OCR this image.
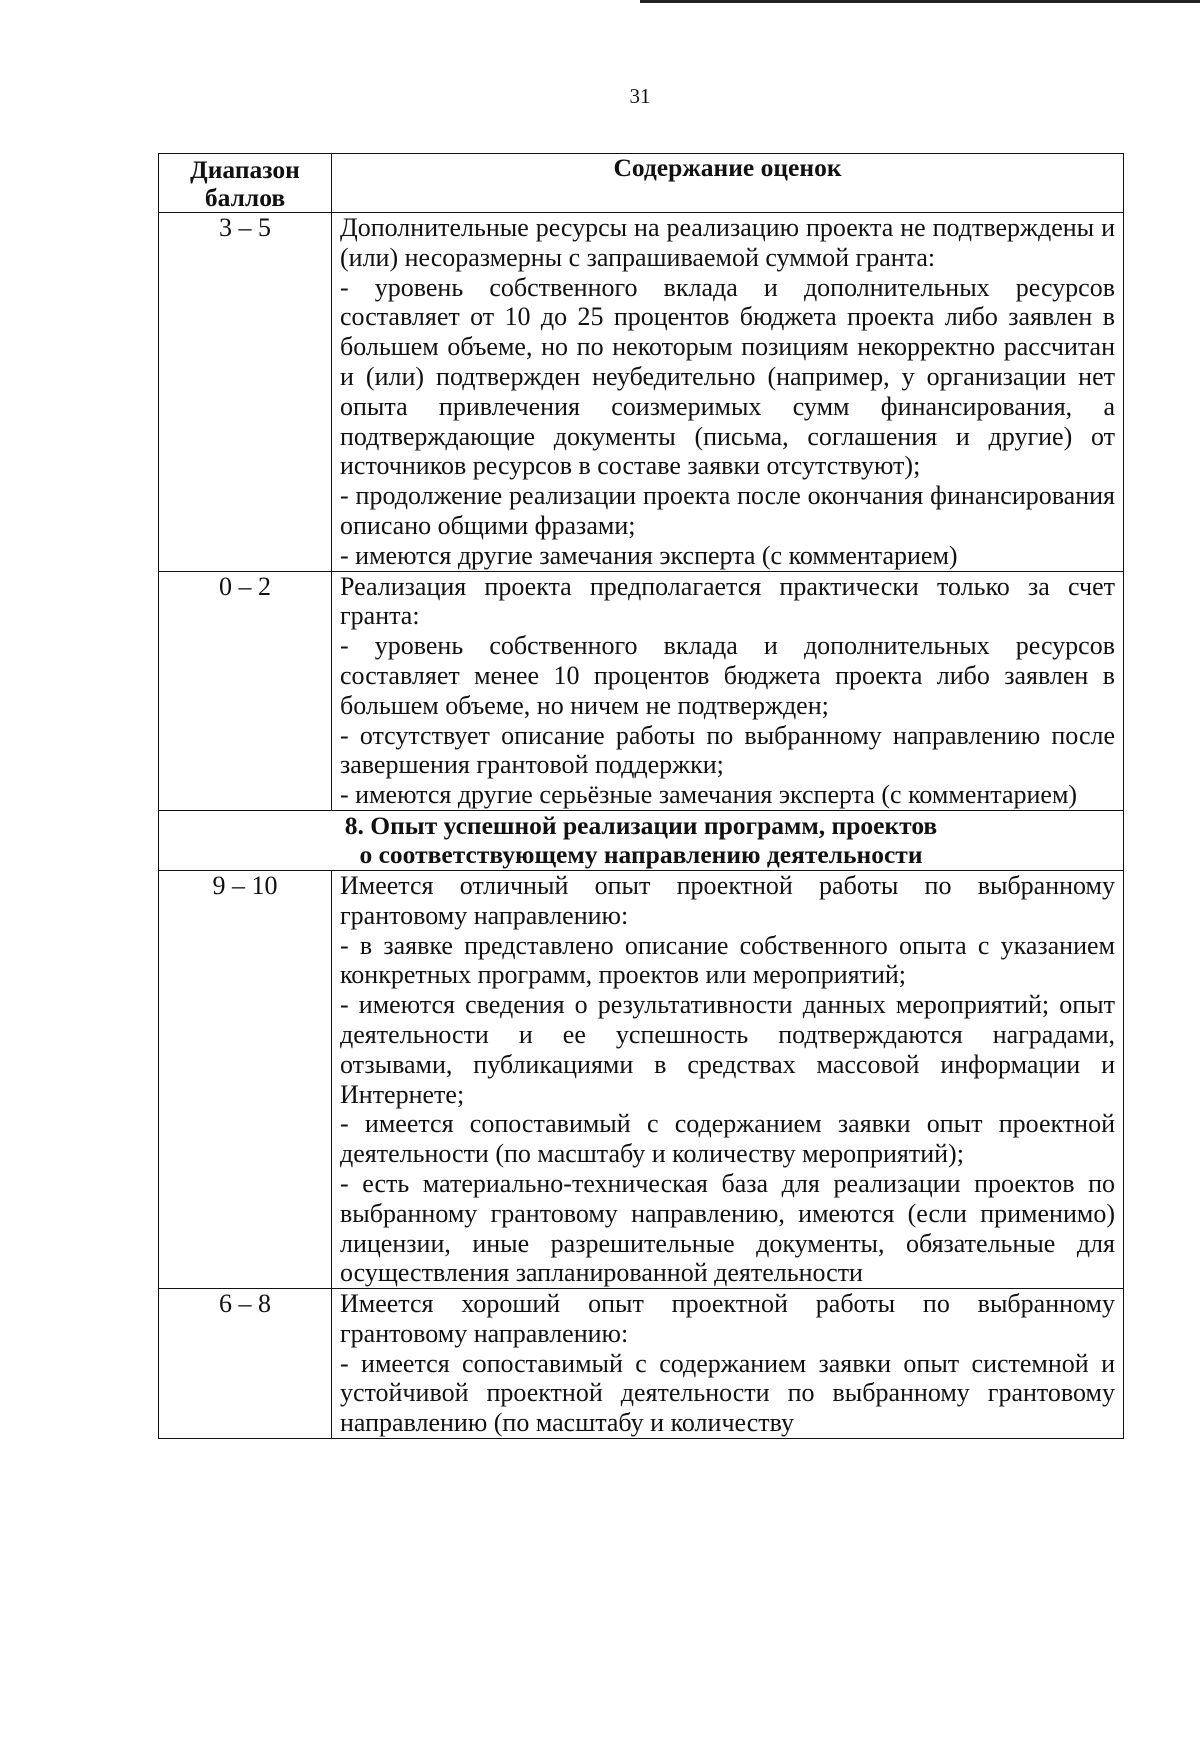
31
Диапазон
баллов	Содержание оценок
3 – 5	Дополнительные ресурсы на реализацию проекта не подтверждены и (или) несоразмерны с запрашиваемой суммой гранта:

- уровень собственного вклада и дополнительных ресурсов составляет от 10 до 25 процентов бюджета проекта либо заявлен в большем объеме, но по некоторым позициям некорректно рассчитан и (или) подтвержден неубедительно (например, у организации нет опыта привлечения соизмеримых сумм финансирования, а подтверждающие документы (письма, соглашения и другие) от источников ресурсов в составе заявки отсутствуют);

- продолжение реализации проекта после окончания финансирования описано общими фразами;

- имеются другие замечания эксперта (с комментарием)

0 – 2	Реализация проекта предполагается практически только за счет гранта:

- уровень собственного вклада и дополнительных ресурсов составляет менее 10 процентов бюджета проекта либо заявлен в большем объеме, но ничем не подтвержден;

- отсутствует описание работы по выбранному направлению после завершения грантовой поддержки;

- имеются другие серьёзные замечания эксперта (с комментарием)

8. Опыт успешной реализации программ, проектов
о соответствующему направлению деятельности	

9 – 10	Имеется отличный опыт проектной работы по выбранному грантовому направлению:

- в заявке представлено описание собственного опыта с указанием конкретных программ, проектов или мероприятий;

- имеются сведения о результативности данных мероприятий; опыт деятельности и ее успешность подтверждаются наградами, отзывами, публикациями в средствах массовой информации и Интернете;

- имеется сопоставимый с содержанием заявки опыт проектной деятельности (по масштабу и количеству мероприятий);

- есть материально-техническая база для реализации проектов по выбранному грантовому направлению, имеются (если применимо) лицензии, иные разрешительные документы, обязательные для осуществления запланированной деятельности

6 – 8	Имеется хороший опыт проектной работы по выбранному грантовому направлению:

- имеется сопоставимый с содержанием заявки опыт системной и устойчивой проектной деятельности по выбранному грантовому направлению (по масштабу и количеству
